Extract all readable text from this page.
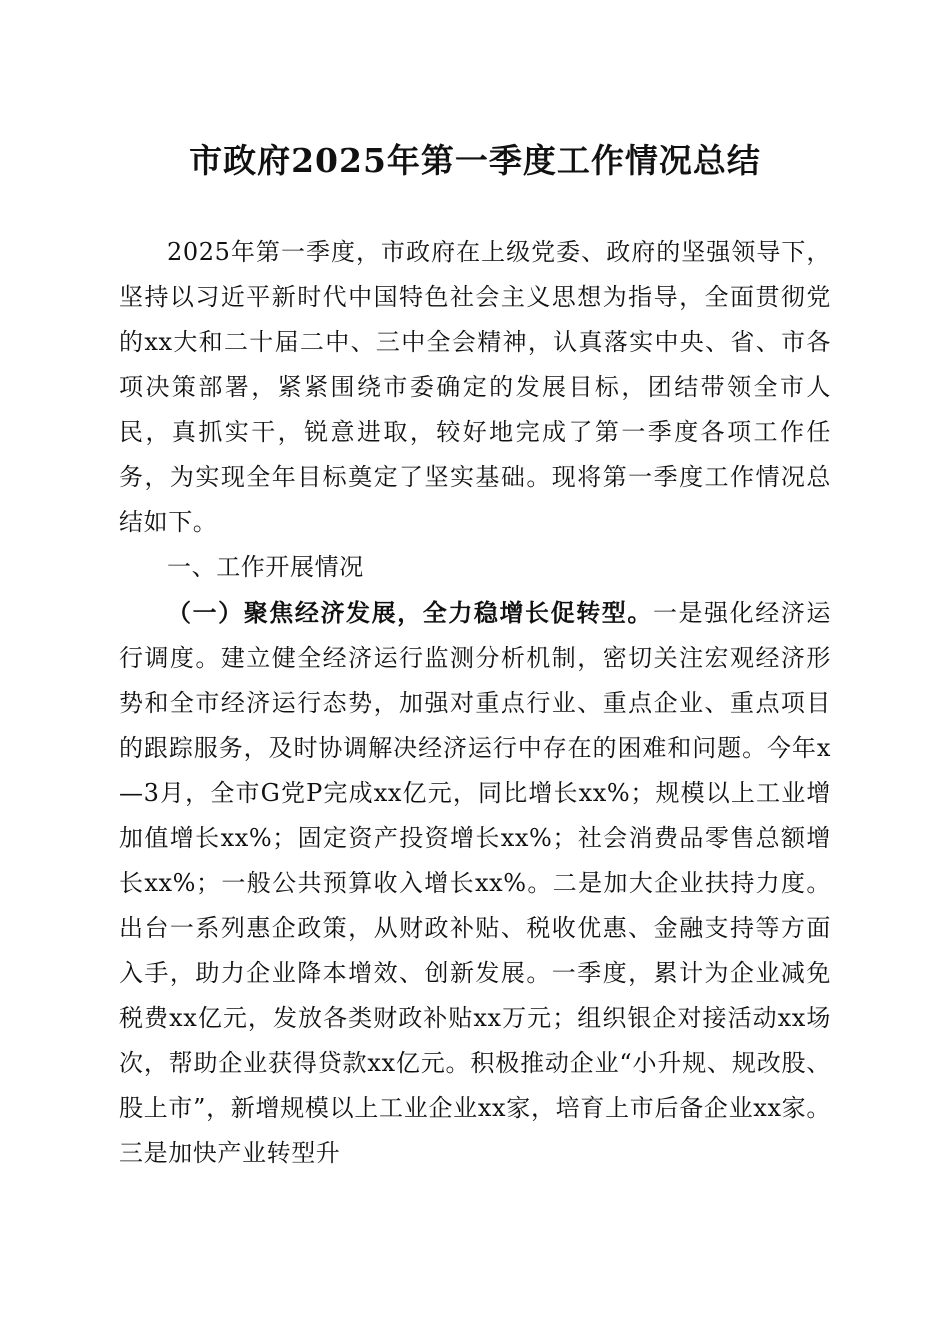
市政府2025年第一季度工作情况总结

2025年第一季度，市政府在上级党委、政府的坚强领导下，坚持以习近平新时代中国特色社会主义思想为指导，全面贯彻党的xx大和二十届二中、三中全会精神，认真落实中央、省、市各项决策部署，紧紧围绕市委确定的发展目标，团结带领全市人民，真抓实干，锐意进取，较好地完成了第一季度各项工作任务，为实现全年目标奠定了坚实基础。现将第一季度工作情况总结如下。

一、工作开展情况

（一）聚焦经济发展，全力稳增长促转型。一是强化经济运行调度。建立健全经济运行监测分析机制，密切关注宏观经济形势和全市经济运行态势，加强对重点行业、重点企业、重点项目的跟踪服务，及时协调解决经济运行中存在的困难和问题。今年x—3月，全市G党P完成xx亿元，同比增长xx%；规模以上工业增加值增长xx%；固定资产投资增长xx%；社会消费品零售总额增长xx%；一般公共预算收入增长xx%。二是加大企业扶持力度。出台一系列惠企政策，从财政补贴、税收优惠、金融支持等方面入手，助力企业降本增效、创新发展。一季度，累计为企业减免税费xx亿元，发放各类财政补贴xx万元；组织银企对接活动xx场次，帮助企业获得贷款xx亿元。积极推动企业“小升规、规改股、股上市”，新增规模以上工业企业xx家，培育上市后备企业xx家。三是加快产业转型升
